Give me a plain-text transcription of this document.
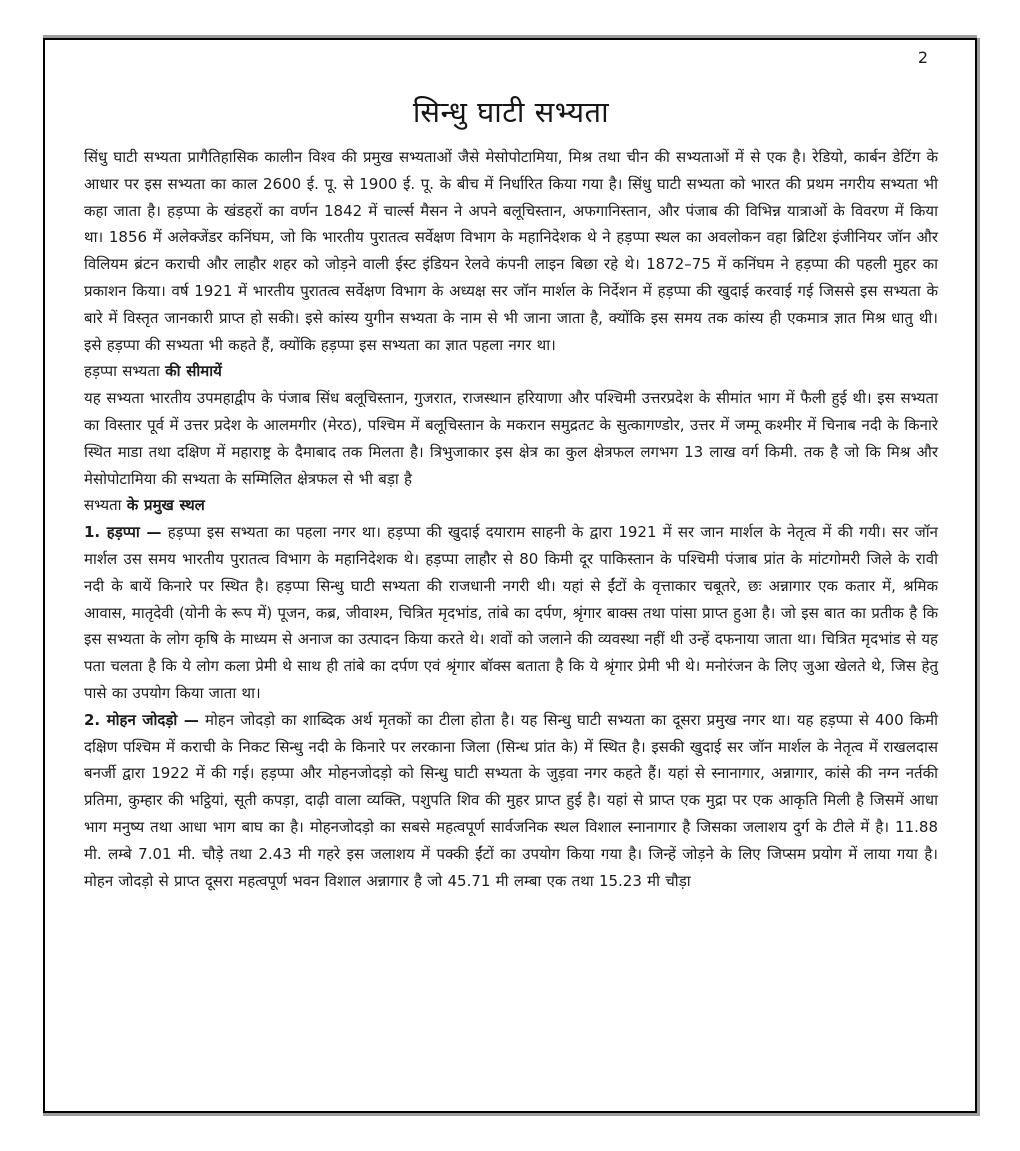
2
सिन्धु घाटी सभ्यता

सिंधु घाटी सभ्यता प्रागैतिहासिक कालीन विश्व की प्रमुख सभ्यताओं जैसे मेसोपोटामिया, मिश्र तथा चीन की सभ्यताओं में से एक है। रेडियो, कार्बन डेटिंग के आधार पर इस सभ्यता का काल 2600 ई. पू. से 1900 ई. पू. के बीच में निर्धारित किया गया है। सिंधु घाटी सभ्यता को भारत की प्रथम नगरीय सभ्यता भी कहा जाता है। हड़प्पा के खंडहरों का वर्णन 1842 में चार्ल्स मैसन ने अपने बलूचिस्तान, अफगानिस्तान, और पंजाब की विभिन्न यात्राओं के विवरण में किया था। 1856 में अलेक्जेंडर कनिंघम, जो कि भारतीय पुरातत्व सर्वेक्षण विभाग के महानिदेशक थे ने हड़प्पा स्थल का अवलोकन वहा ब्रिटिश इंजीनियर जॉन और विलियम ब्रंटन कराची और लाहौर शहर को जोड़ने वाली ईस्ट इंडियन रेलवे कंपनी लाइन बिछा रहे थे। 1872–75 में कनिंघम ने हड़प्पा की पहली मुहर का प्रकाशन किया। वर्ष 1921 में भारतीय पुरातत्व सर्वेक्षण विभाग के अध्यक्ष सर जॉन मार्शल के निर्देशन में हड़प्पा की खुदाई करवाई गई जिससे इस सभ्यता के बारे में विस्तृत जानकारी प्राप्त हो सकी। इसे कांस्य युगीन सभ्यता के नाम से भी जाना जाता है, क्योंकि इस समय तक कांस्य ही एकमात्र ज्ञात मिश्र धातु थी। इसे हड़प्पा की सभ्यता भी कहते हैं, क्योंकि हड़प्पा इस सभ्यता का ज्ञात पहला नगर था।

हड़प्पा सभ्यता की सीमायें

यह सभ्यता भारतीय उपमहाद्वीप के पंजाब सिंध बलूचिस्तान, गुजरात, राजस्थान हरियाणा और पश्चिमी उत्तरप्रदेश के सीमांत भाग में फैली हुई थी। इस सभ्यता का विस्तार पूर्व में उत्तर प्रदेश के आलमगीर (मेरठ), पश्चिम में बलूचिस्तान के मकरान समुद्रतट के सुत्कागण्डोर, उत्तर में जम्मू कश्मीर में चिनाब नदी के किनारे स्थित माडा तथा दक्षिण में महाराष्ट्र के दैमाबाद तक मिलता है। त्रिभुजाकार इस क्षेत्र का कुल क्षेत्रफल लगभग 13 लाख वर्ग किमी. तक है जो कि मिश्र और मेसोपोटामिया की सभ्यता के सम्मिलित क्षेत्रफल से भी बड़ा है

सभ्यता के प्रमुख स्थल

1. हड़प्पा — हड़प्पा इस सभ्यता का पहला नगर था। हड़प्पा की खुदाई दयाराम साहनी के द्वारा 1921 में सर जान मार्शल के नेतृत्व में की गयी। सर जॉन मार्शल उस समय भारतीय पुरातत्व विभाग के महानिदेशक थे। हड़प्पा लाहौर से 80 किमी दूर पाकिस्तान के पश्चिमी पंजाब प्रांत के मांटगोमरी जिले के रावी नदी के बायें किनारे पर स्थित है। हड़प्पा सिन्धु घाटी सभ्यता की राजधानी नगरी थी। यहां से ईंटों के वृत्ताकार चबूतरे, छः अन्नागार एक कतार में, श्रमिक आवास, मातृदेवी (योनी के रूप में) पूजन, कब्र, जीवाश्म, चित्रित मृदभांड, तांबे का दर्पण, श्रृंगार बाक्स तथा पांसा प्राप्त हुआ है। जो इस बात का प्रतीक है कि इस सभ्यता के लोग कृषि के माध्यम से अनाज का उत्पादन किया करते थे। शवों को जलाने की व्यवस्था नहीं थी उन्हें दफनाया जाता था। चित्रित मृदभांड से यह पता चलता है कि ये लोग कला प्रेमी थे साथ ही तांबे का दर्पण एवं श्रृंगार बॉक्स बताता है कि ये श्रृंगार प्रेमी भी थे। मनोरंजन के लिए जुआ खेलते थे, जिस हेतु पासे का उपयोग किया जाता था।

2. मोहन जोदड़ो — मोहन जोदड़ो का शाब्दिक अर्थ मृतकों का टीला होता है। यह सिन्धु घाटी सभ्यता का दूसरा प्रमुख नगर था। यह हड़प्पा से 400 किमी दक्षिण पश्चिम में कराची के निकट सिन्धु नदी के किनारे पर लरकाना जिला (सिन्ध प्रांत के) में स्थित है। इसकी खुदाई सर जॉन मार्शल के नेतृत्व में राखलदास बनर्जी द्वारा 1922 में की गई। हड़प्पा और मोहनजोदड़ो को सिन्धु घाटी सभ्यता के जुड़वा नगर कहते हैं। यहां से स्नानागार, अन्नागार, कांसे की नग्न नर्तकी प्रतिमा, कुम्हार की भट्ठियां, सूती कपड़ा, दाढ़ी वाला व्यक्ति, पशुपति शिव की मुहर प्राप्त हुई है। यहां से प्राप्त एक मुद्रा पर एक आकृति मिली है जिसमें आधा भाग मनुष्य तथा आधा भाग बाघ का है। मोहनजोदड़ो का सबसे महत्वपूर्ण सार्वजनिक स्थल विशाल स्नानागार है जिसका जलाशय दुर्ग के टीले में है। 11.88 मी. लम्बे 7.01 मी. चौड़े तथा 2.43 मी गहरे इस जलाशय में पक्की ईंटों का उपयोग किया गया है। जिन्हें जोड़ने के लिए जिप्सम प्रयोग में लाया गया है। मोहन जोदड़ो से प्राप्त दूसरा महत्वपूर्ण भवन विशाल अन्नागार है जो 45.71 मी लम्बा एक तथा 15.23 मी चौड़ा
